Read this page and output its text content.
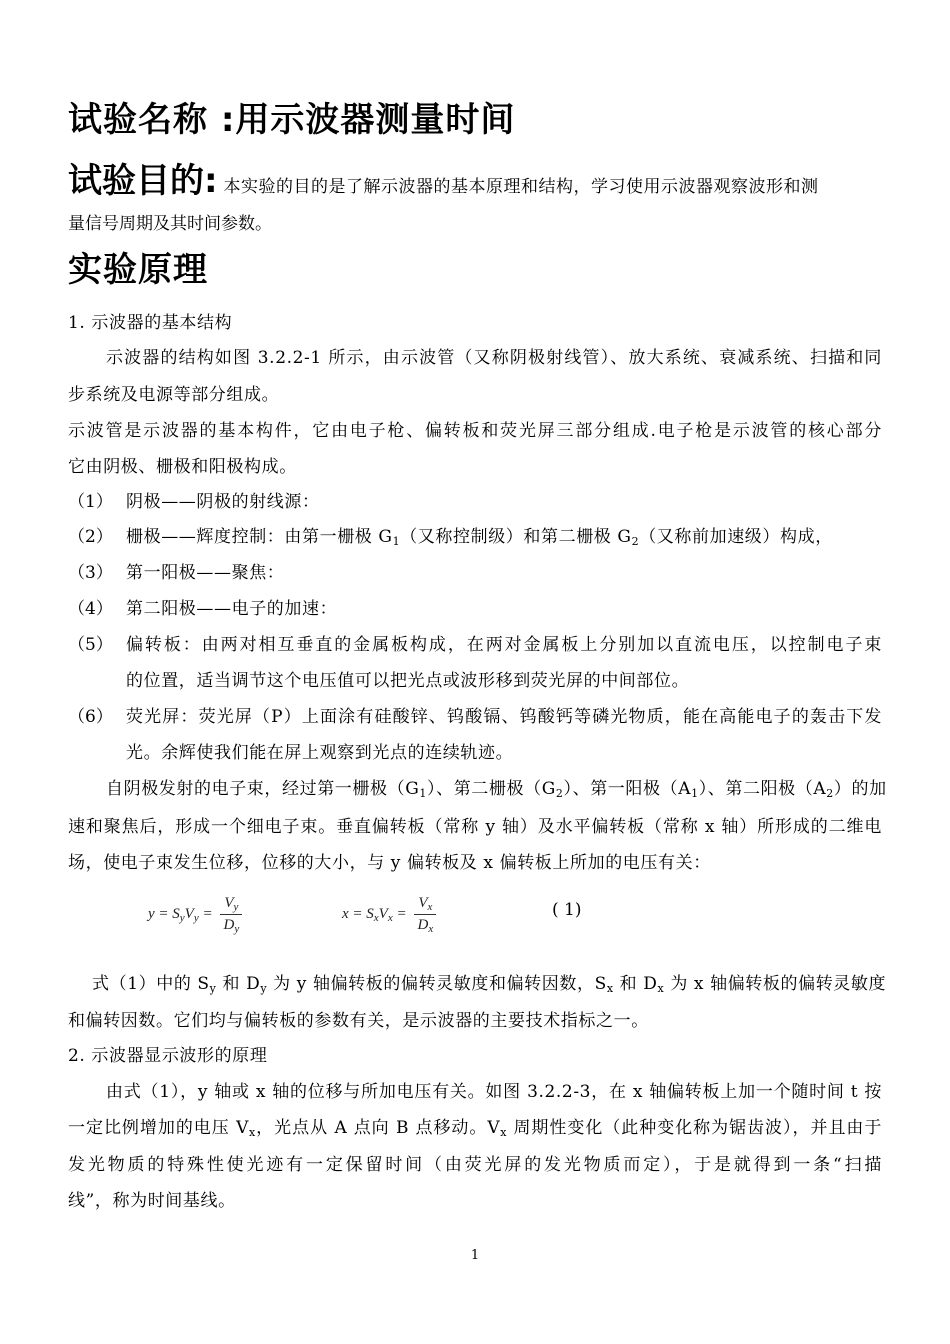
试验名称 :用示波器测量时间
试验目的: 本实验的目的是了解示波器的基本原理和结构，学习使用示波器观察波形和测
量信号周期及其时间参数。
实验原理

1. 示波器的基本结构

示波器的结构如图 3.2.2-1 所示，由示波管（又称阴极射线管）、放大系统、衰减系统、扫描和同

步系统及电源等部分组成。

示波管是示波器的基本构件，它由电子枪、偏转板和荧光屏三部分组成.电子枪是示波管的核心部分

它由阴极、栅极和阳极构成。

（1） 阴极——阴极的射线源：
（2） 栅极——辉度控制：由第一栅极 $G_1$（又称控制级）和第二栅极 $G_2$（又称前加速级）构成，
（3） 第一阳极——聚焦：
（4） 第二阳极——电子的加速：
（5） 偏转板：由两对相互垂直的金属板构成，在两对金属板上分别加以直流电压，以控制电子束
的位置，适当调节这个电压值可以把光点或波形移到荧光屏的中间部位。
（6） 荧光屏：荧光屏（P）上面涂有硅酸锌、钨酸镉、钨酸钙等磷光物质，能在高能电子的轰击下发
光。余辉使我们能在屏上观察到光点的连续轨迹。

自阴极发射的电子束，经过第一栅极$(G_1)$、第二栅极$(G_2)$、第一阳极$(A_1)$、第二阳极$(A_2)$的加

速和聚焦后，形成一个细电子束。垂直偏转板（常称 y 轴）及水平偏转板（常称 x 轴）所形成的二维电

场，使电子束发生位移，位移的大小，与 y 偏转板及 x 偏转板上所加的电压有关：

$y = S_yV_y = \frac{V_y}{D_y}$	$x = S_xV_x = \frac{V_x}{D_x}$	( 1)

式（1）中的 $S_y$ 和 $D_y$ 为 y 轴偏转板的偏转灵敏度和偏转因数，$S_x$ 和 $D_x$ 为 x 轴偏转板的偏转灵敏度

和偏转因数。它们均与偏转板的参数有关，是示波器的主要技术指标之一。

2. 示波器显示波形的原理

由式（1），y 轴或 x 轴的位移与所加电压有关。如图 3.2.2-3，在 x 轴偏转板上加一个随时间 t 按

一定比例增加的电压 $V_x$，光点从 A 点向 B 点移动。$V_x$ 周期性变化（此种变化称为锯齿波），并且由于

发光物质的特殊性使光迹有一定保留时间（由荧光屏的发光物质而定），于是就得到一条“扫描

线”，称为时间基线。

1
